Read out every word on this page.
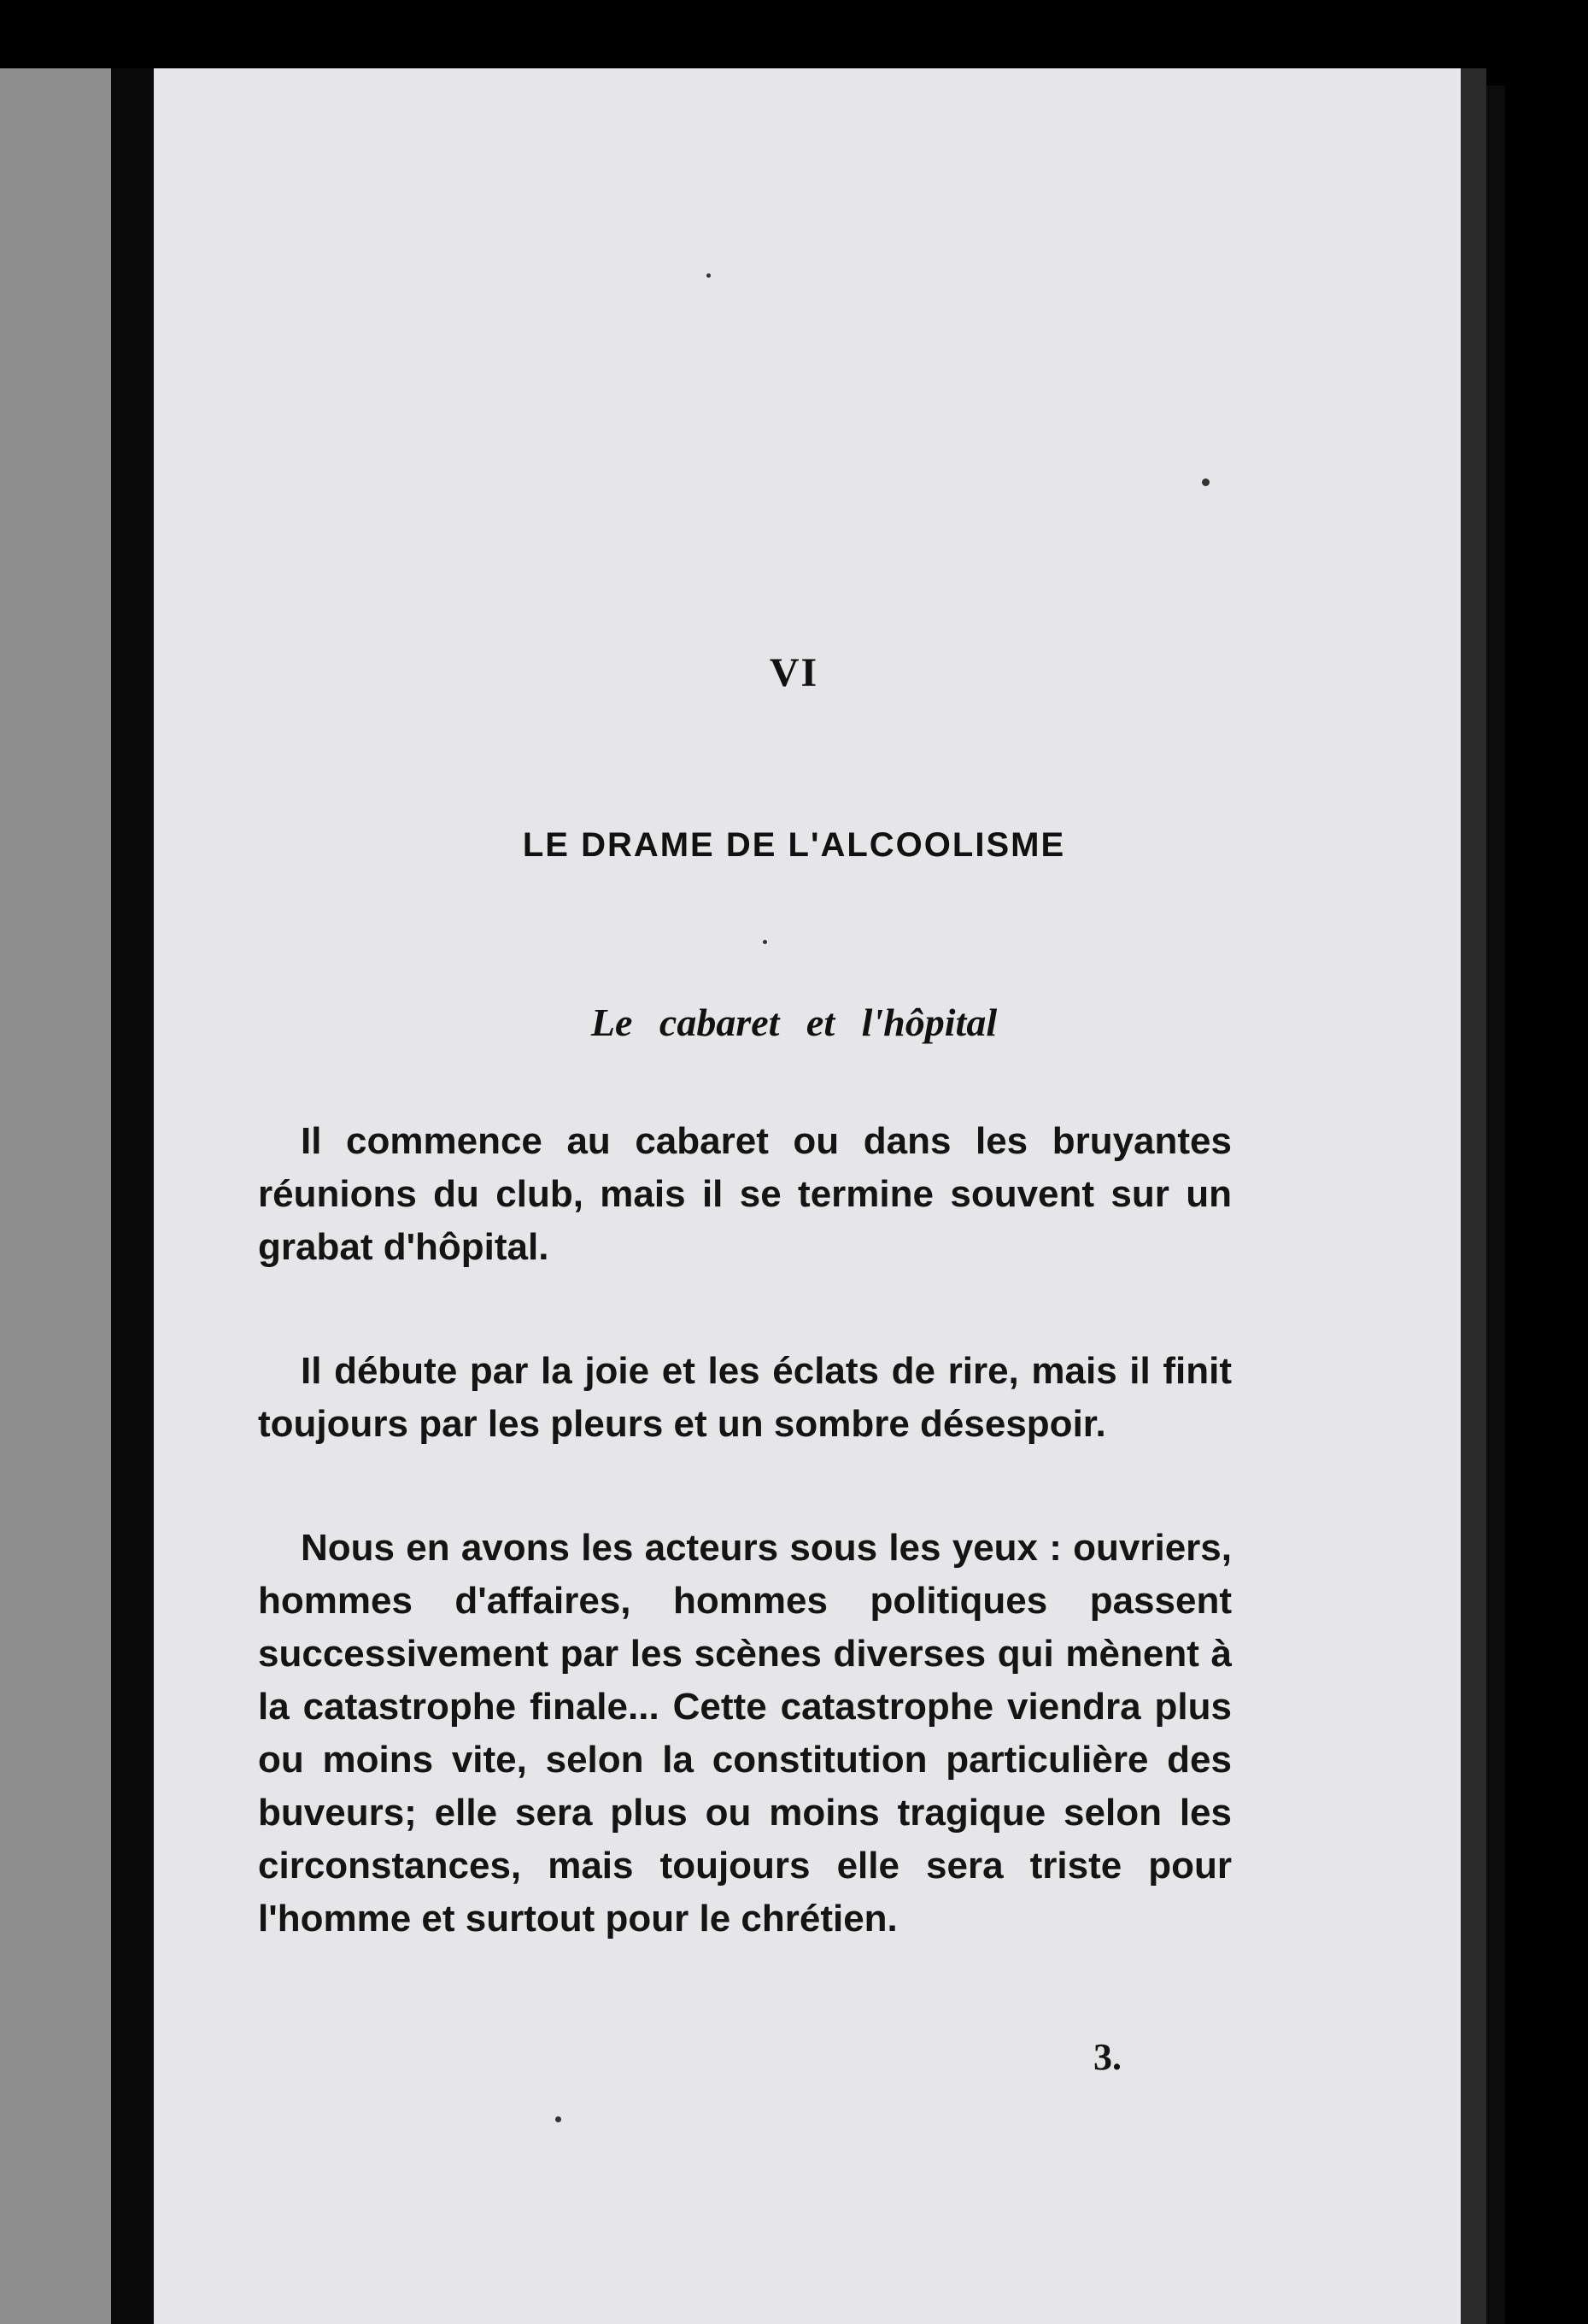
VI
LE DRAME DE L'ALCOOLISME
Le cabaret et l'hôpital

Il commence au cabaret ou dans les bruyantes réunions du club, mais il se termine souvent sur un grabat d'hôpital.

Il débute par la joie et les éclats de rire, mais il finit toujours par les pleurs et un sombre désespoir.

Nous en avons les acteurs sous les yeux : ouvriers, hommes d'affaires, hommes politiques passent successivement par les scènes diverses qui mènent à la catastrophe finale... Cette catastrophe viendra plus ou moins vite, selon la constitution particulière des buveurs; elle sera plus ou moins tragique selon les circonstances, mais toujours elle sera triste pour l'homme et surtout pour le chrétien.

3.
